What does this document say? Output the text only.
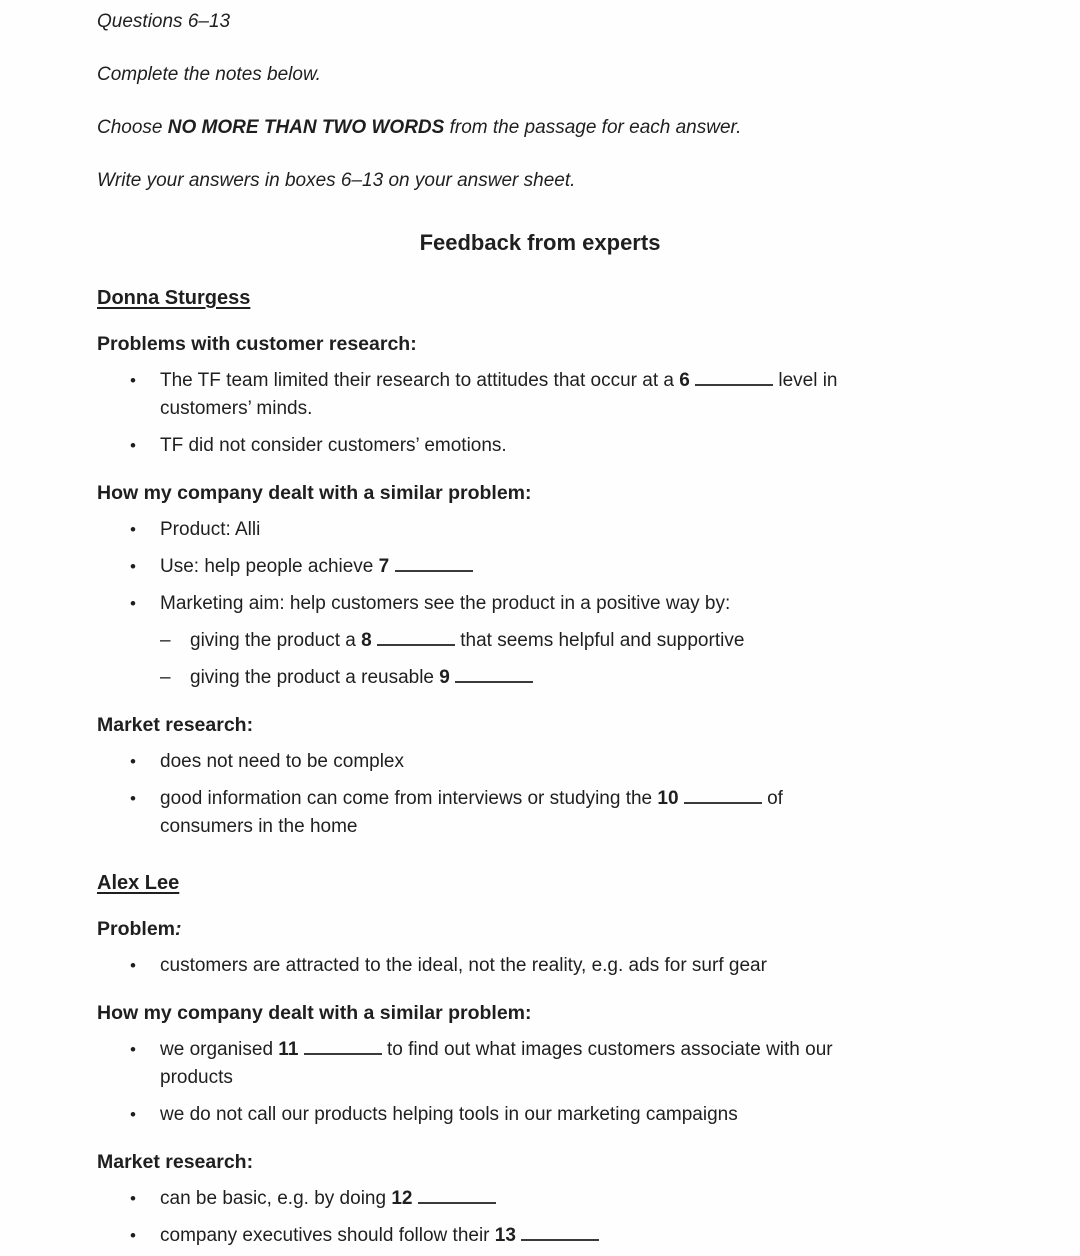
Questions 6–13
Complete the notes below.
Choose NO MORE THAN TWO WORDS from the passage for each answer.
Write your answers in boxes 6–13 on your answer sheet.
Feedback from experts
Donna Sturgess
Problems with customer research:
•	The TF team limited their research to attitudes that occur at a 6	level in
customers’ minds.
•	TF did not consider customers’ emotions.
How my company dealt with a similar problem:
•	Product: Alli
•	Use: help people achieve 7
•	Marketing aim: help customers see the product in a positive way by:
–	giving the product a 8	that seems helpful and supportive
–	giving the product a reusable 9
Market research:
•	does not need to be complex
•	good information can come from interviews or studying the 10	of
consumers in the home
Alex Lee
Problem:
•	customers are attracted to the ideal, not the reality, e.g. ads for surf gear
How my company dealt with a similar problem:
•	we organised 11	to find out what images customers associate with our
products
•	we do not call our products helping tools in our marketing campaigns
Market research:
•	can be basic, e.g. by doing 12
•	company executives should follow their 13
